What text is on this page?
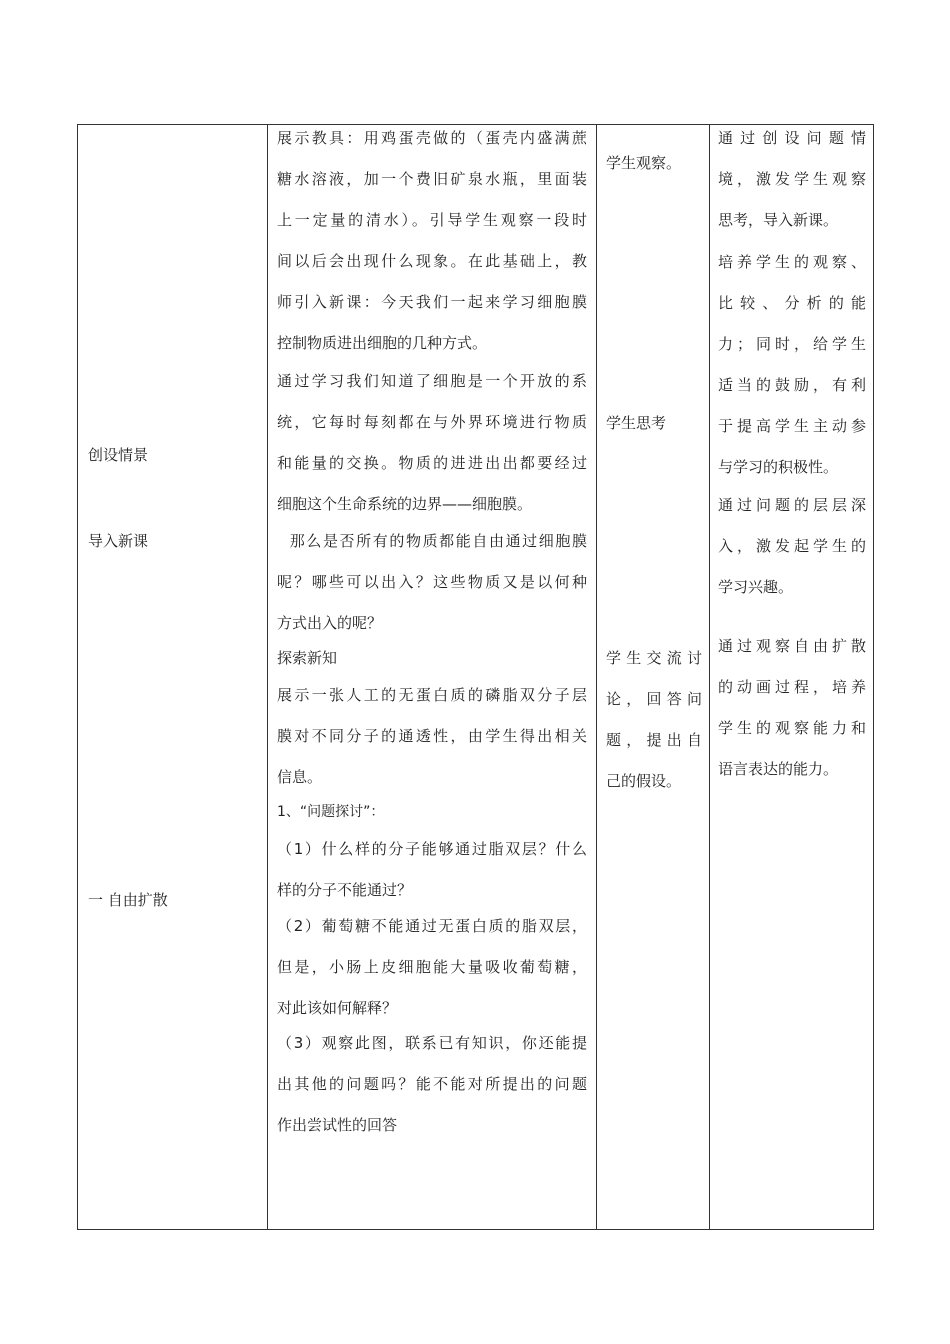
创设情景

导入新课

一 自由扩散

展示教具：用鸡蛋壳做的（蛋壳内盛满蔗
糖水溶液，加一个费旧矿泉水瓶，里面装
上一定量的清水）。引导学生观察一段时
间以后会出现什么现象。在此基础上，教
师引入新课：今天我们一起来学习细胞膜
控制物质进出细胞的几种方式。
通过学习我们知道了细胞是一个开放的系
统，它每时每刻都在与外界环境进行物质
和能量的交换。物质的进进出出都要经过
细胞这个生命系统的边界——细胞膜。
那么是否所有的物质都能自由通过细胞膜
呢？哪些可以出入？这些物质又是以何种
方式出入的呢？

探索新知

展示一张人工的无蛋白质的磷脂双分子层
膜对不同分子的通透性，由学生得出相关
信息。

1、“问题探讨”：

（1）什么样的分子能够通过脂双层？什么
样的分子不能通过？
（2）葡萄糖不能通过无蛋白质的脂双层，
但是，小肠上皮细胞能大量吸收葡萄糖，
对此该如何解释？
（3）观察此图，联系已有知识，你还能提
出其他的问题吗？能不能对所提出的问题
作出尝试性的回答

学生观察。

学生思考

学生交流讨
论，回答问
题，提出自
己的假设。
通过创设问题情
境，激发学生观察
思考，导入新课。
培养学生的观察、
比较、分析的能
力；同时，给学生
适当的鼓励，有利
于提高学生主动参
与学习的积极性。
通过问题的层层深
入，激发起学生的
学习兴趣。
通过观察自由扩散
的动画过程，培养
学生的观察能力和
语言表达的能力。
